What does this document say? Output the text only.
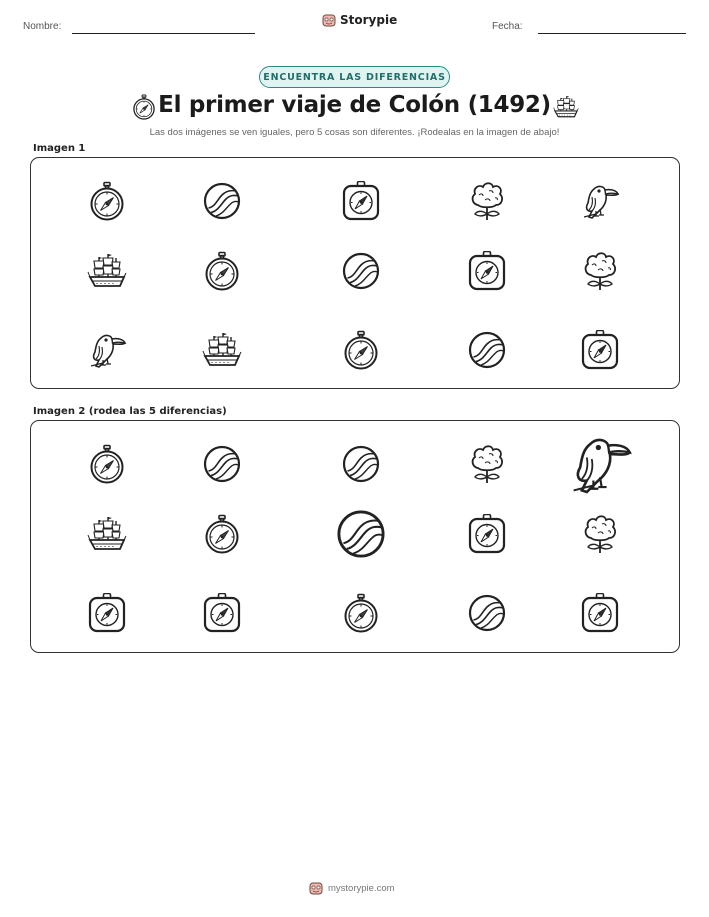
Nombre:	Storypie	Fecha:
ENCUENTRA LAS DIFERENCIAS
El primer viaje de Colón (1492)
Las dos imágenes se ven iguales, pero 5 cosas son diferentes. ¡Rodealas en la imagen de abajo!
Imagen 1
Imagen 2 (rodea las 5 diferencias)
mystorypie.com
